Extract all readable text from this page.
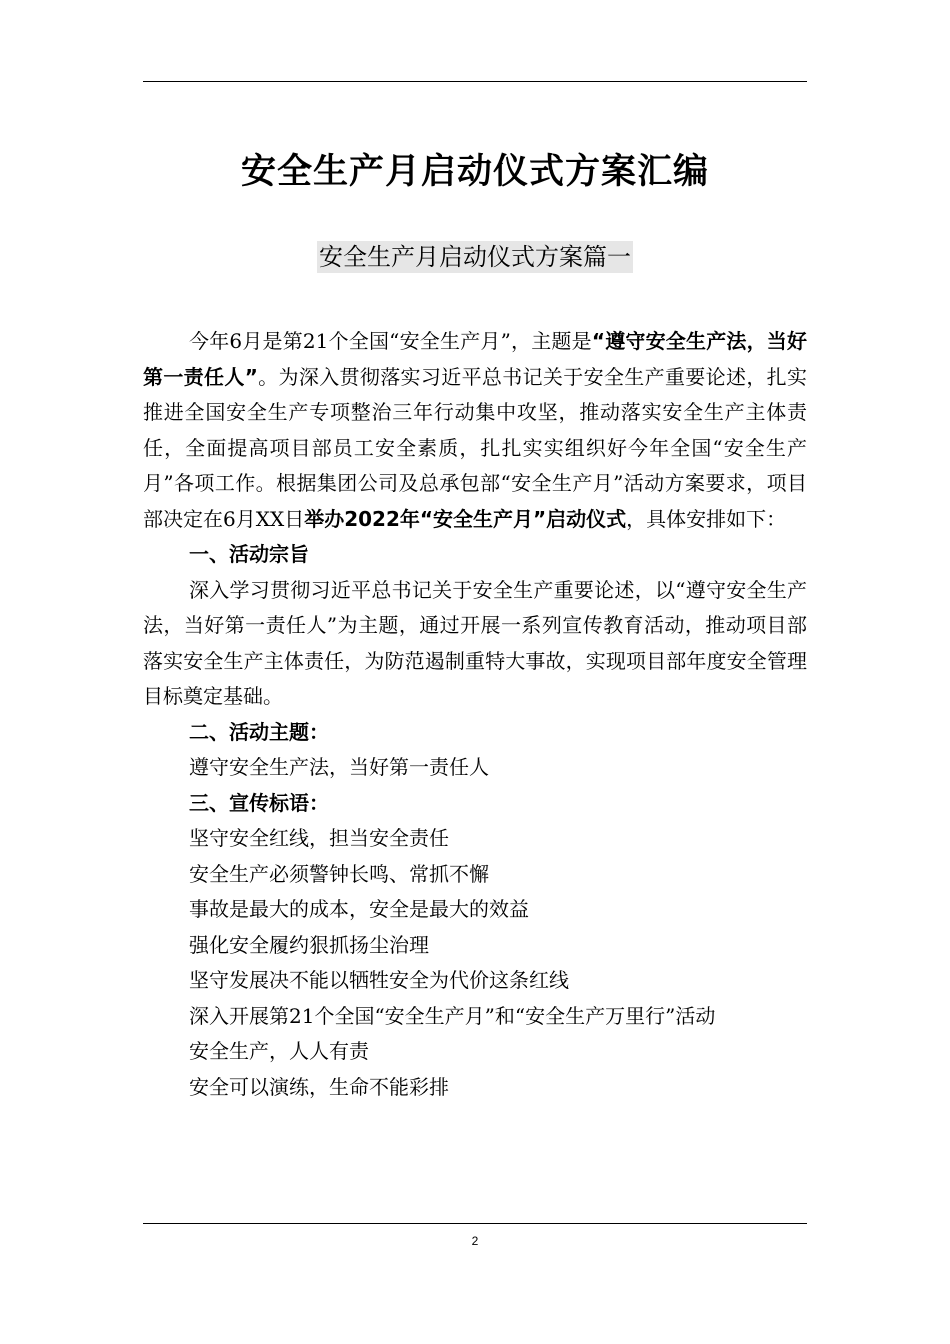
安全生产月启动仪式方案汇编
安全生产月启动仪式方案篇一

今年6月是第21个全国“安全生产月”，主题是“遵守安全生产法，当好第一责任人”。为深入贯彻落实习近平总书记关于安全生产重要论述，扎实推进全国安全生产专项整治三年行动集中攻坚，推动落实安全生产主体责任，全面提高项目部员工安全素质，扎扎实实组织好今年全国“安全生产月”各项工作。根据集团公司及总承包部“安全生产月”活动方案要求，项目部决定在6月XX日举办2022年“安全生产月”启动仪式，具体安排如下：

一、活动宗旨

深入学习贯彻习近平总书记关于安全生产重要论述，以“遵守安全生产法，当好第一责任人”为主题，通过开展一系列宣传教育活动，推动项目部落实安全生产主体责任，为防范遏制重特大事故，实现项目部年度安全管理目标奠定基础。

二、活动主题：

遵守安全生产法，当好第一责任人

三、宣传标语：

坚守安全红线，担当安全责任

安全生产必须警钟长鸣、常抓不懈

事故是最大的成本，安全是最大的效益

强化安全履约狠抓扬尘治理

坚守发展决不能以牺牲安全为代价这条红线

深入开展第21个全国“安全生产月”和“安全生产万里行”活动

安全生产，人人有责

安全可以演练，生命不能彩排

2
